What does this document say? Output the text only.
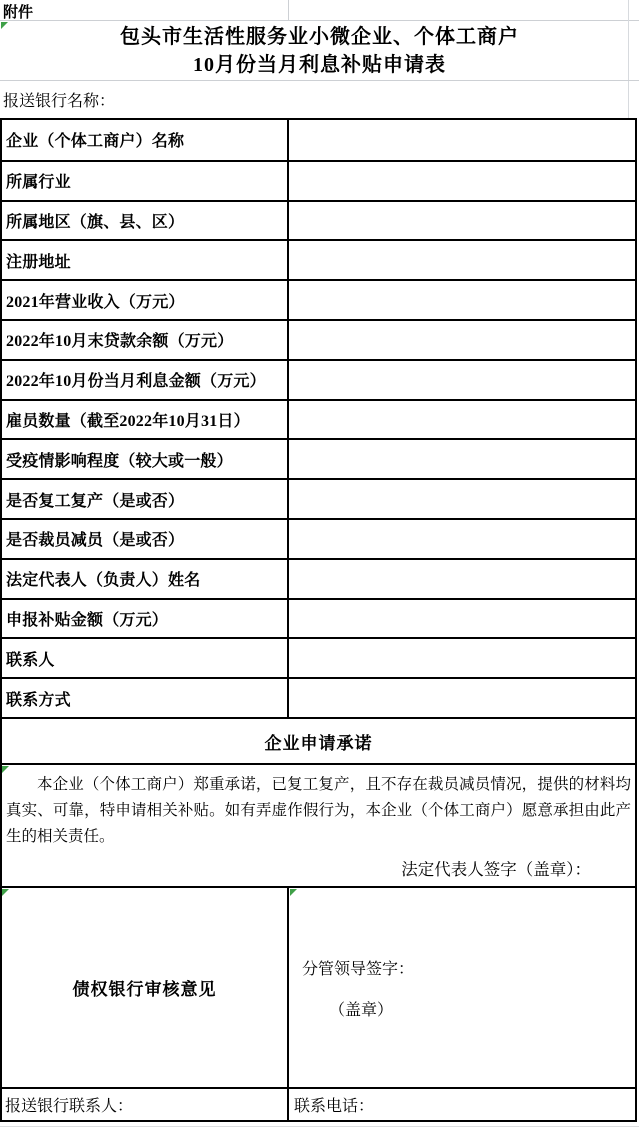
附件
包头市生活性服务业小微企业、个体工商户
10月份当月利息补贴申请表
报送银行名称：
企业（个体工商户）名称
所属行业
所属地区（旗、县、区）
注册地址
2021年营业收入（万元）
2022年10月末贷款余额（万元）
2022年10月份当月利息金额（万元）
雇员数量（截至2022年10月31日）
受疫情影响程度（较大或一般）
是否复工复产（是或否）
是否裁员减员（是或否）
法定代表人（负责人）姓名
申报补贴金额（万元）
联系人
联系方式
企业申请承诺
本企业（个体工商户）郑重承诺，已复工复产，且不存在裁员减员情况，提供的材料均真实、可靠，特申请相关补贴。如有弄虚作假行为，本企业（个体工商户）愿意承担由此产生的相关责任。
法定代表人签字（盖章）：
债权银行审核意见
分管领导签字：
（盖章）
报送银行联系人：	联系电话：
